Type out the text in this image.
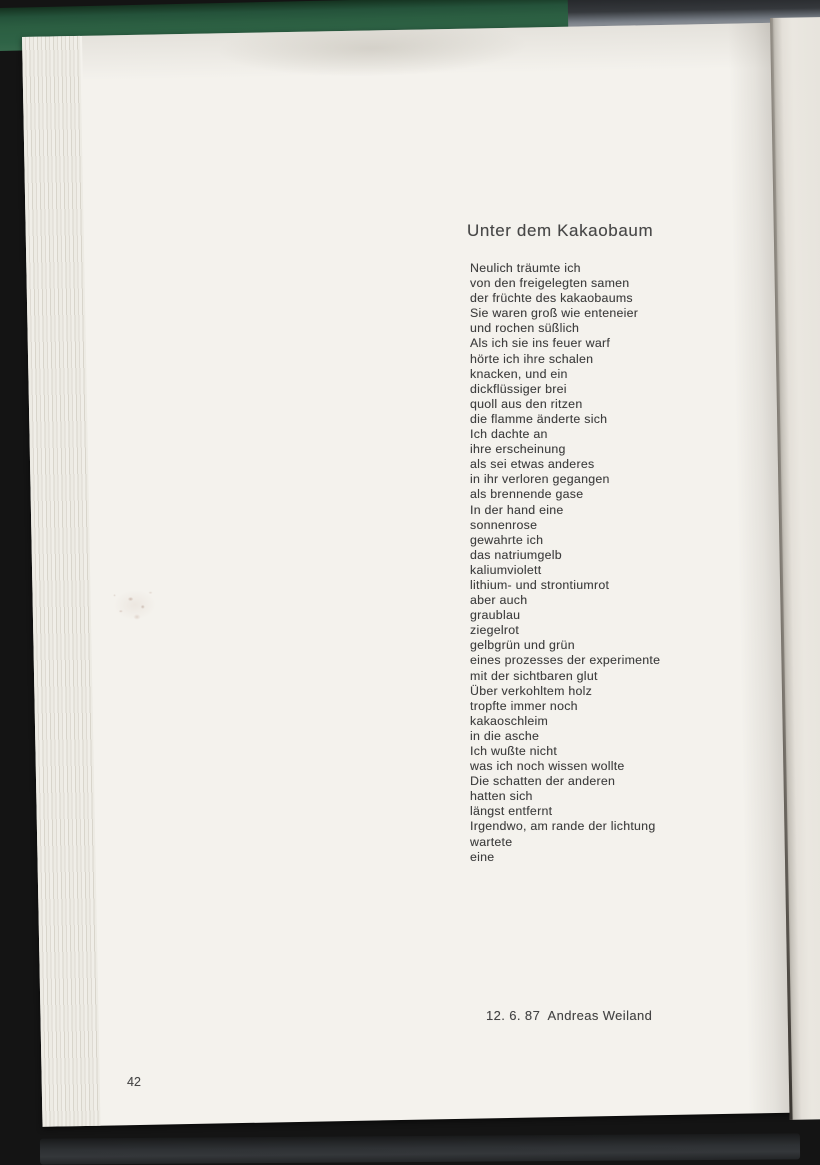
Unter dem Kakaobaum
Neulich träumte ich
von den freigelegten samen
der früchte des kakaobaums
Sie waren groß wie enteneier
und rochen süßlich
Als ich sie ins feuer warf
hörte ich ihre schalen
knacken, und ein
dickflüssiger brei
quoll aus den ritzen
die flamme änderte sich
Ich dachte an
ihre erscheinung
als sei etwas anderes
in ihr verloren gegangen
als brennende gase
In der hand eine
sonnenrose
gewahrte ich
das natriumgelb
kaliumviolett
lithium- und strontiumrot
aber auch
graublau
ziegelrot
gelbgrün und grün
eines prozesses der experimente
mit der sichtbaren glut
Über verkohltem holz
tropfte immer noch
kakaoschleim
in die asche
Ich wußte nicht
was ich noch wissen wollte
Die schatten der anderen
hatten sich
längst entfernt
Irgendwo, am rande der lichtung
wartete
eine
12. 6. 87  Andreas Weiland
42
